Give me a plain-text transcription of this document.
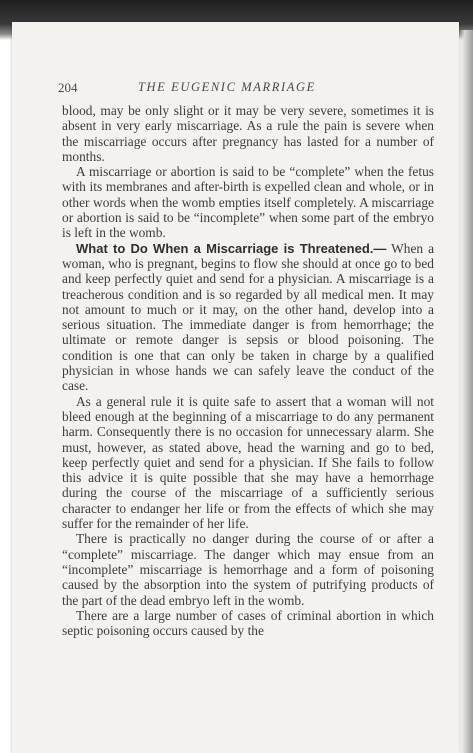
204	THE EUGENIC MARRIAGE

blood, may be only slight or it may be very severe, sometimes it is absent in very early miscarriage. As a rule the pain is severe when the miscarriage occurs after pregnancy has lasted for a number of months.

A miscarriage or abortion is said to be “complete” when the fetus with its membranes and after-birth is expelled clean and whole, or in other words when the womb empties itself completely. A miscarriage or abortion is said to be “incomplete” when some part of the embryo is left in the womb.

What to Do When a Miscarriage is Threatened.— When a woman, who is pregnant, begins to flow she should at once go to bed and keep perfectly quiet and send for a physician. A miscarriage is a treacherous condition and is so regarded by all medical men. It may not amount to much or it may, on the other hand, develop into a serious situation. The immediate danger is from hemorrhage; the ultimate or remote danger is sepsis or blood poisoning. The condition is one that can only be taken in charge by a qualified physician in whose hands we can safely leave the conduct of the case.

As a general rule it is quite safe to assert that a woman will not bleed enough at the beginning of a miscarriage to do any permanent harm. Consequently there is no occasion for unnecessary alarm. She must, however, as stated above, head the warning and go to bed, keep perfectly quiet and send for a physician. If She fails to follow this advice it is quite possible that she may have a hemorrhage during the course of the miscarriage of a sufficiently serious character to endanger her life or from the effects of which she may suffer for the remainder of her life.

There is practically no danger during the course of or after a “complete” miscarriage. The danger which may ensue from an “incomplete” miscarriage is hemorrhage and a form of poisoning caused by the absorption into the system of putrifying products of the part of the dead embryo left in the womb.

There are a large number of cases of criminal abortion in which septic poisoning occurs caused by the
